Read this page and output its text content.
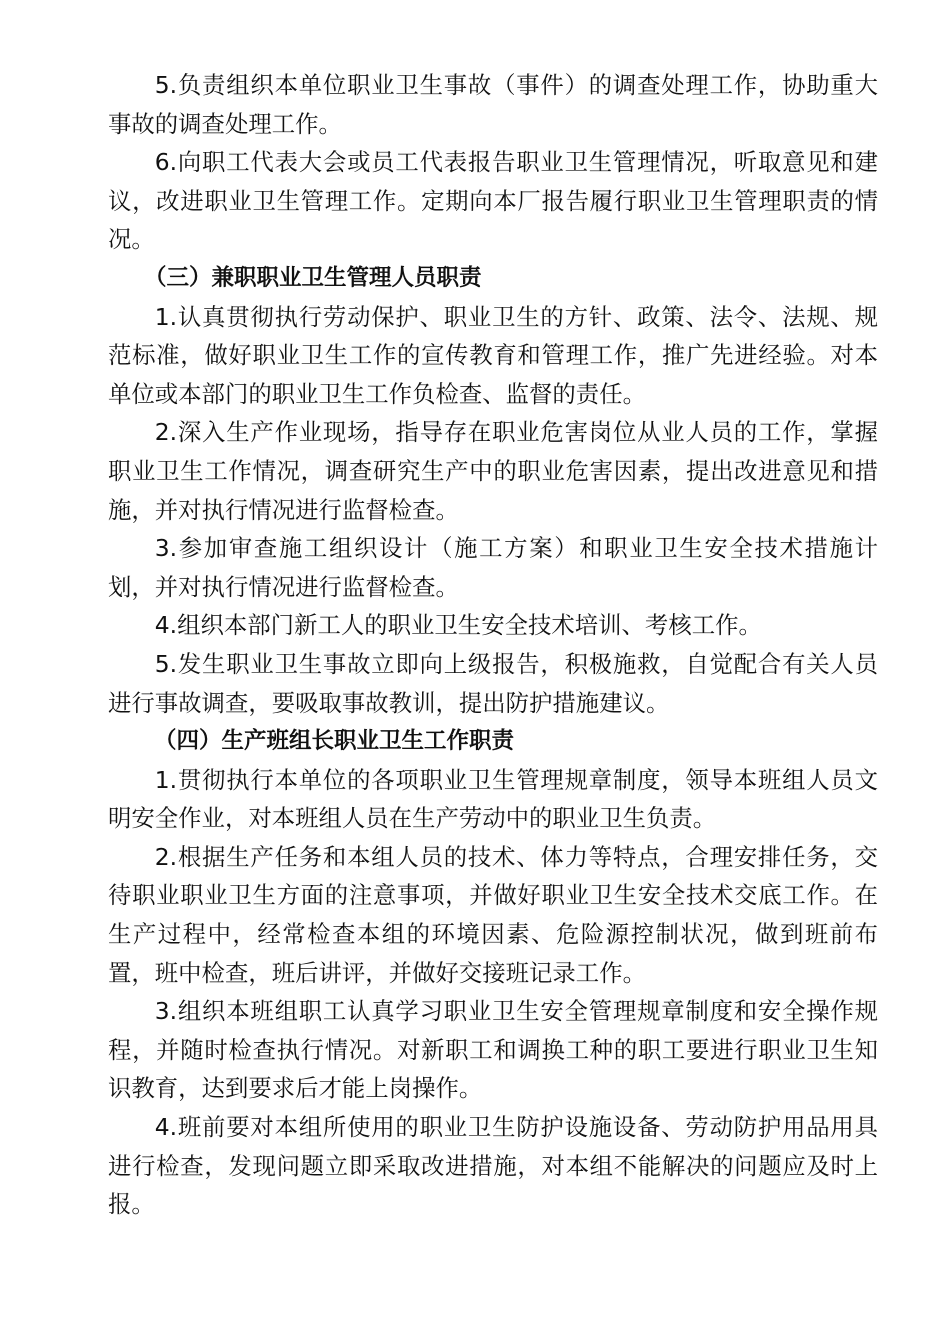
5.负责组织本单位职业卫生事故（事件）的调查处理工作，协助重大事故的调查处理工作。

6.向职工代表大会或员工代表报告职业卫生管理情况，听取意见和建议，改进职业卫生管理工作。定期向本厂报告履行职业卫生管理职责的情况。

（三）兼职职业卫生管理人员职责

1.认真贯彻执行劳动保护、职业卫生的方针、政策、法令、法规、规范标准，做好职业卫生工作的宣传教育和管理工作，推广先进经验。对本单位或本部门的职业卫生工作负检查、监督的责任。

2.深入生产作业现场，指导存在职业危害岗位从业人员的工作，掌握职业卫生工作情况，调查研究生产中的职业危害因素，提出改进意见和措施，并对执行情况进行监督检查。

3.参加审查施工组织设计（施工方案）和职业卫生安全技术措施计划，并对执行情况进行监督检查。

4.组织本部门新工人的职业卫生安全技术培训、考核工作。

5.发生职业卫生事故立即向上级报告，积极施救，自觉配合有关人员进行事故调查，要吸取事故教训，提出防护措施建议。

（四）生产班组长职业卫生工作职责

1.贯彻执行本单位的各项职业卫生管理规章制度，领导本班组人员文明安全作业，对本班组人员在生产劳动中的职业卫生负责。

2.根据生产任务和本组人员的技术、体力等特点，合理安排任务，交待职业职业卫生方面的注意事项，并做好职业卫生安全技术交底工作。在生产过程中，经常检查本组的环境因素、危险源控制状况，做到班前布置，班中检查，班后讲评，并做好交接班记录工作。

3.组织本班组职工认真学习职业卫生安全管理规章制度和安全操作规程，并随时检查执行情况。对新职工和调换工种的职工要进行职业卫生知识教育，达到要求后才能上岗操作。

4.班前要对本组所使用的职业卫生防护设施设备、劳动防护用品用具进行检查，发现问题立即采取改进措施，对本组不能解决的问题应及时上报。
